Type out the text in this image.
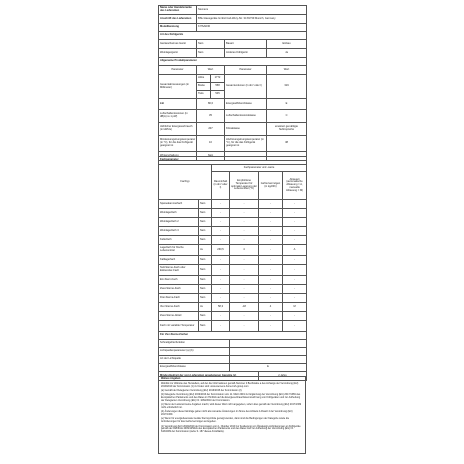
Name oder Handelsmarke des Lieferanten	Siemens			
Anschrift des Lieferanten	BSH Hausgeräte GmbH Carl-Wery-Str. 34 81739 Munich, Germany			
Modellkennung	KI7SAD30			
Art des Kühlgeräts				
Geräuscharmes Gerät	Nein		Bauart	Einbau
Weinlagergerät	Nein		Anderes Kühlgerät	Ja
Allgemeine Produktparameter				
Parameter	Wert		Parameter	Wert
Gesamtabmessungen (in Millimeter)	Höhe	1772	Gesamtvolumen (in dm³ oder l)	319
	Breite	558		
	Tiefe	545		
EEI	80,0		Energieeffizienzklasse	E
Luftschallemissionen (in dB(A) re 1 pW)	35		Luftschallemissionsklasse	C
Jährlicher Energieverbrauch (in kWh/a)	207		Klimaklasse	erweitert gemäßigte Subtropische
Mindestumgebungstemperatur (in °C), für die das Kühlgerät geeignet ist	10		Höchstumgebungstemperatur (in °C), für die das Kühlgerät geeignet ist	38
Winterschaltung	Nein			
Fachparameter					
Fachtyp		Fachparameter und -werte			
		Rauminhalt (in dm³ oder l)	Empfohlene Temperatur für optimale Lagerung der Lebensmittel (°C)	Gefriervermögen (in kg/24h)	Abtauart (automatische Abtauung = A, manuelle Abtauung = M)
Speisekammerfach	Nein	-	-	-	-
Weinlagerfach	Nein	-	-	-	-
Weinlagerfach 2	Nein	-	-	-	-
Weinlagerfach 3	Nein	-	-	-	-
Kellerfach	Nein	-	-	-	-
Lagerfach für frische Lebensmittel	Ja	260,5	4	-	A
Kaltlagerfach	Nein	-	-	-	-
Null-Sterne-Fach oder Eisbereiter-Fach	Nein	-	-	-	-
Ein-Stern-Fach	Nein	-	-	-	-
Zwei-Sterne-Fach	Nein	-	-	-	-
Drei-Sterne-Fach	Nein	-	-	-	-
Vier-Sterne-Fach	Ja	58,3	-18	4	M
Zwei-Sterne-Abteil	Nein	-	-	-	-
Fach mit variabler Temperatur	Nein	-	-	-	-
Für Vier-Sterne-Fächer					
Schnellgefrierfunktion					
Lichtquellenparameter (a) (b)					
Art der Lichtquelle					
Energieeffizienzklasse			E		
Mindestlaufzeit der vom Lieferanten angebotenen Garantie (c)				2 Jahre	

Weitere Angaben

Weblink zur Website des Herstellers, auf der die Informationen gemäß Nummer 4 Buchstabe a des Anhangs der Verordnung (EU) 2019/2019 der Kommission (1) zu finden sind: www.siemens-home.bsh-group.com

(a) Gemäß der Delegierten Verordnung (EU) 2019/2015 der Kommission (2).

(b) Delegierte Verordnung (EU) 2019/2016 der Kommission vom 11. März 2019 zur Ergänzung der Verordnung (EU) 2017/1369 des Europäischen Parlaments und des Rates im Hinblick auf die Energieverbrauchskennzeichnung von Kühlgeräten und zur Aufhebung der Delegierten Verordnung (EU) Nr. 1060/2010 der Kommission.

(c) Wenn der Lieferant keine Angaben macht, wird dieser Wert nicht angegeben, sofern dies gemäß der Verordnung (EU) 2017/1369 nicht erforderlich ist.

(d) Änderungen dieser Einträge gelten nicht als relevante Änderungen im Sinne des Artikels 4 Absatz 4 der Verordnung (EU) 2017/1369.

(e) Wenn für energiebewusste Geräte Sternsymbole gezeigt werden, dann sind die Bedingungen der Kategorie sowie die Anforderungen für das Gefriervermögen anzugeben.

(1) Verordnung (EU) 2019/2019 der Kommission vom 1. Oktober 2019 zur Festlegung von Ökodesign-Anforderungen an Kühlgeräte gemäß der Richtlinie 2009/125/EG des Europäischen Parlaments und des Rates und zur Aufhebung der Verordnung (EG) Nr. 643/2009 der Kommission (siehe S. 187 dieses Amtsblatts).
